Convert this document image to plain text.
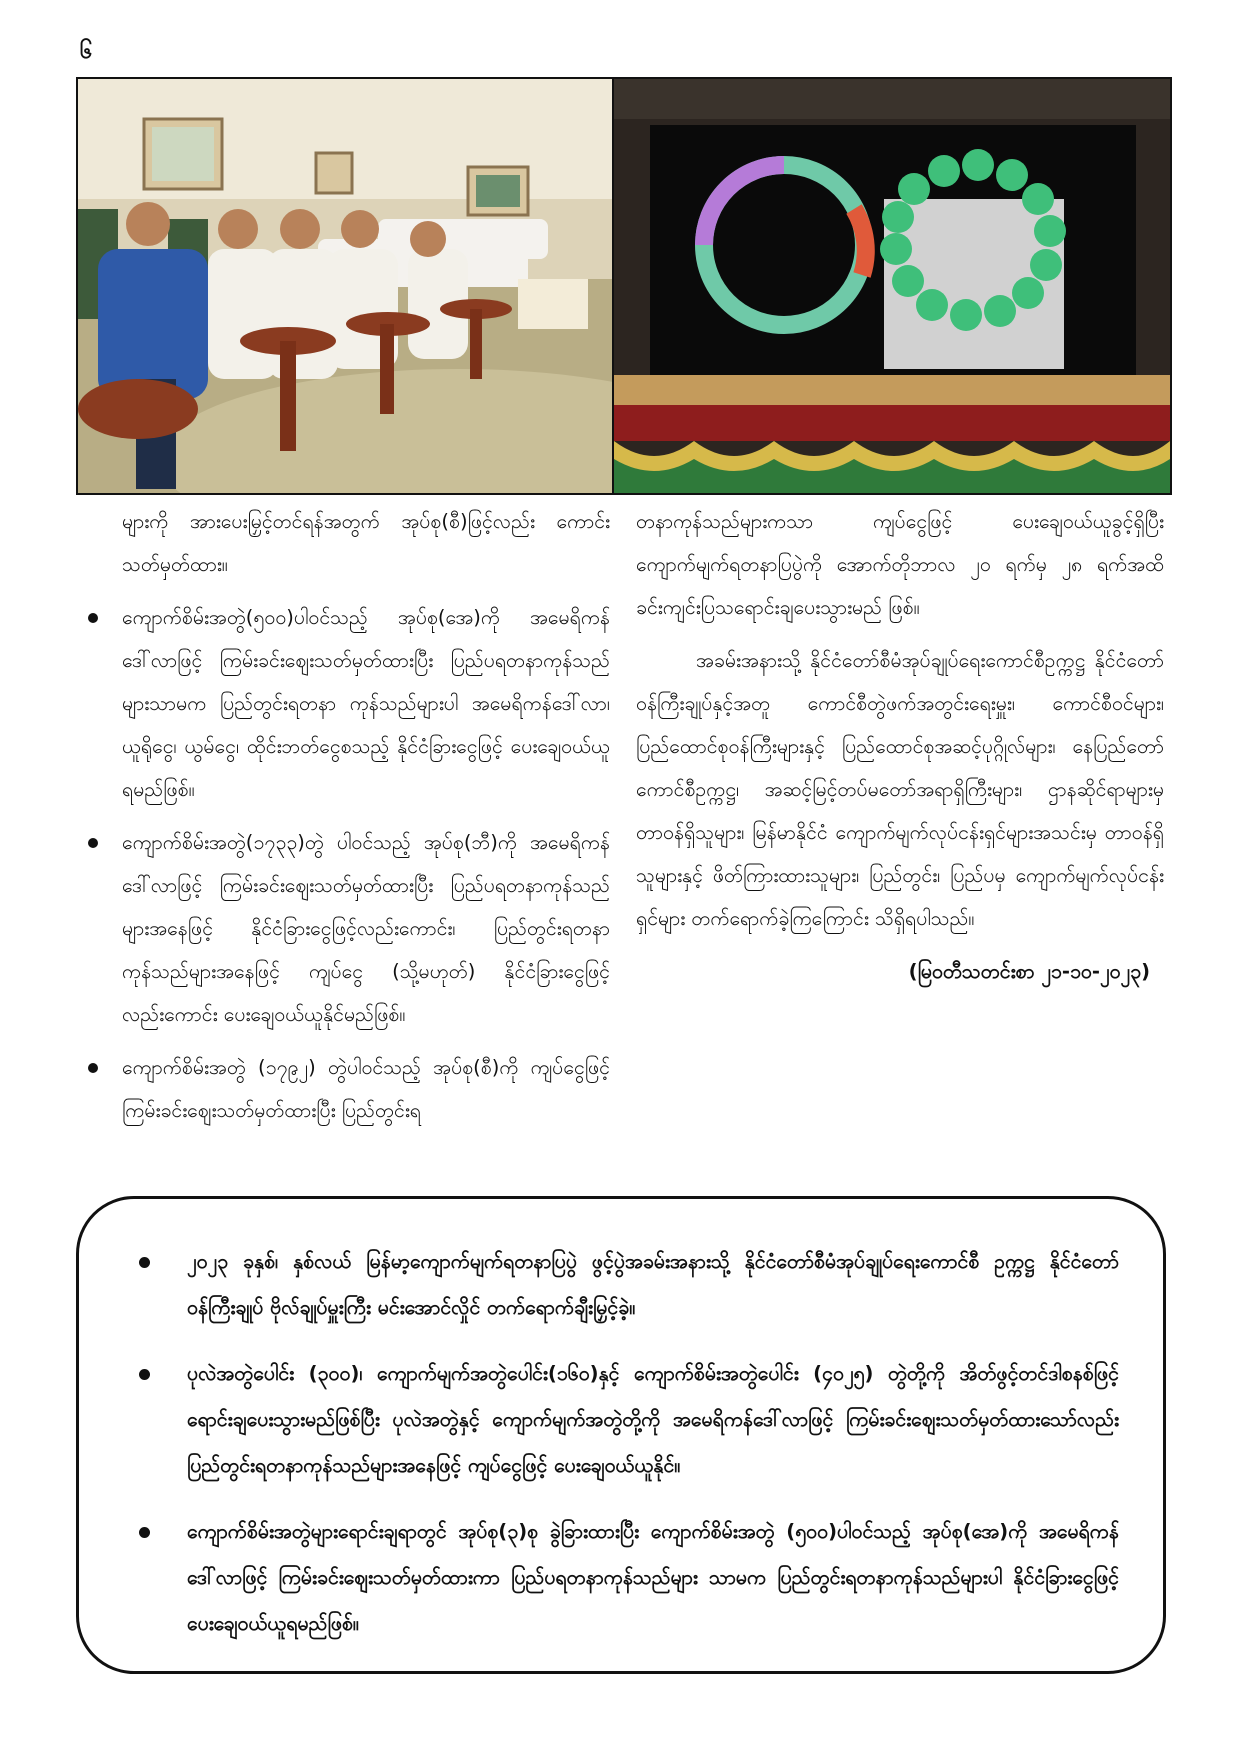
၆

များကို အားပေးမြှင့်တင်ရန်အတွက် အုပ်စု(စီ)ဖြင့်လည်း ကောင်း သတ်မှတ်ထား။

ကျောက်စိမ်းအတွဲ(၅၀၀)ပါဝင်သည့် အုပ်စု(အေ)ကို အမေရိကန်ဒေါ်လာဖြင့် ကြမ်းခင်းဈေးသတ်မှတ်ထားပြီး ပြည်ပရတနာကုန်သည်များသာမက ပြည်တွင်းရတနာ ကုန်သည်များပါ အမေရိကန်ဒေါ်လာ၊ ယူရိုငွေ၊ ယွမ်ငွေ၊ ထိုင်းဘတ်ငွေစသည့် နိုင်ငံခြားငွေဖြင့် ပေးချေဝယ်ယူရမည်ဖြစ်။
ကျောက်စိမ်းအတွဲ(၁၇၃၃)တွဲ ပါဝင်သည့် အုပ်စု(ဘီ)ကို အမေရိကန်ဒေါ်လာဖြင့် ကြမ်းခင်းဈေးသတ်မှတ်ထားပြီး ပြည်ပရတနာကုန်သည်များအနေဖြင့် နိုင်ငံခြားငွေဖြင့်လည်းကောင်း၊ ပြည်တွင်းရတနာကုန်သည်များအနေဖြင့် ကျပ်ငွေ (သို့မဟုတ်) နိုင်ငံခြားငွေဖြင့်လည်းကောင်း ပေးချေဝယ်ယူနိုင်မည်ဖြစ်။
ကျောက်စိမ်းအတွဲ (၁၇၉၂) တွဲပါဝင်သည့် အုပ်စု(စီ)ကို ကျပ်ငွေဖြင့် ကြမ်းခင်းဈေးသတ်မှတ်ထားပြီး ပြည်တွင်းရ

တနာကုန်သည်များကသာ ကျပ်ငွေဖြင့် ပေးချေဝယ်ယူခွင့်ရှိပြီး ကျောက်မျက်ရတနာပြပွဲကို အောက်တိုဘာလ ၂၀ ရက်မှ ၂၈ ရက်အထိ ခင်းကျင်းပြသရောင်းချပေးသွားမည် ဖြစ်။

အခမ်းအနားသို့ နိုင်ငံတော်စီမံအုပ်ချုပ်ရေးကောင်စီဥက္ကဋ္ဌ နိုင်ငံတော်ဝန်ကြီးချုပ်နှင့်အတူ ကောင်စီတွဲဖက်အတွင်းရေးမှူး၊ ကောင်စီဝင်များ၊ ပြည်ထောင်စုဝန်ကြီးများနှင့် ပြည်ထောင်စုအဆင့်ပုဂ္ဂိုလ်များ၊ နေပြည်တော်ကောင်စီဥက္ကဋ္ဌ၊ အဆင့်မြင့်တပ်မတော်အရာရှိကြီးများ၊ ဌာနဆိုင်ရာများမှ တာဝန်ရှိသူများ၊ မြန်မာနိုင်ငံ ကျောက်မျက်လုပ်ငန်းရှင်များအသင်းမှ တာဝန်ရှိသူများနှင့် ဖိတ်ကြားထားသူများ၊ ပြည်တွင်း၊ ပြည်ပမှ ကျောက်မျက်လုပ်ငန်းရှင်များ တက်ရောက်ခဲ့ကြကြောင်း သိရှိရပါသည်။

(မြဝတီသတင်းစာ ၂၁-၁၀-၂၀၂၃)

၂၀၂၃ ခုနှစ်၊ နှစ်လယ် မြန်မာ့ကျောက်မျက်ရတနာပြပွဲ ဖွင့်ပွဲအခမ်းအနားသို့ နိုင်ငံတော်စီမံအုပ်ချုပ်ရေးကောင်စီ ဥက္ကဋ္ဌ နိုင်ငံတော်ဝန်ကြီးချုပ် ဗိုလ်ချုပ်မှူးကြီး မင်းအောင်လှိုင် တက်ရောက်ချီးမြှင့်ခဲ့။
ပုလဲအတွဲပေါင်း (၃၀၀)၊ ကျောက်မျက်အတွဲပေါင်း(၁၆၀)နှင့် ကျောက်စိမ်းအတွဲပေါင်း (၄၀၂၅) တွဲတို့ကို အိတ်ဖွင့်တင်ဒါစနစ်ဖြင့် ရောင်းချပေးသွားမည်ဖြစ်ပြီး ပုလဲအတွဲနှင့် ကျောက်မျက်အတွဲတို့ကို အမေရိကန်ဒေါ်လာဖြင့် ကြမ်းခင်းဈေးသတ်မှတ်ထားသော်လည်း ပြည်တွင်းရတနာကုန်သည်များအနေဖြင့် ကျပ်ငွေဖြင့် ပေးချေဝယ်ယူနိုင်။
ကျောက်စိမ်းအတွဲများရောင်းချရာတွင် အုပ်စု(၃)စု ခွဲခြားထားပြီး ကျောက်စိမ်းအတွဲ (၅၀၀)ပါဝင်သည့် အုပ်စု(အေ)ကို အမေရိကန်ဒေါ်လာဖြင့် ကြမ်းခင်းဈေးသတ်မှတ်ထားကာ ပြည်ပရတနာကုန်သည်များ သာမက ပြည်တွင်းရတနာကုန်သည်များပါ နိုင်ငံခြားငွေဖြင့် ပေးချေဝယ်ယူရမည်ဖြစ်။
